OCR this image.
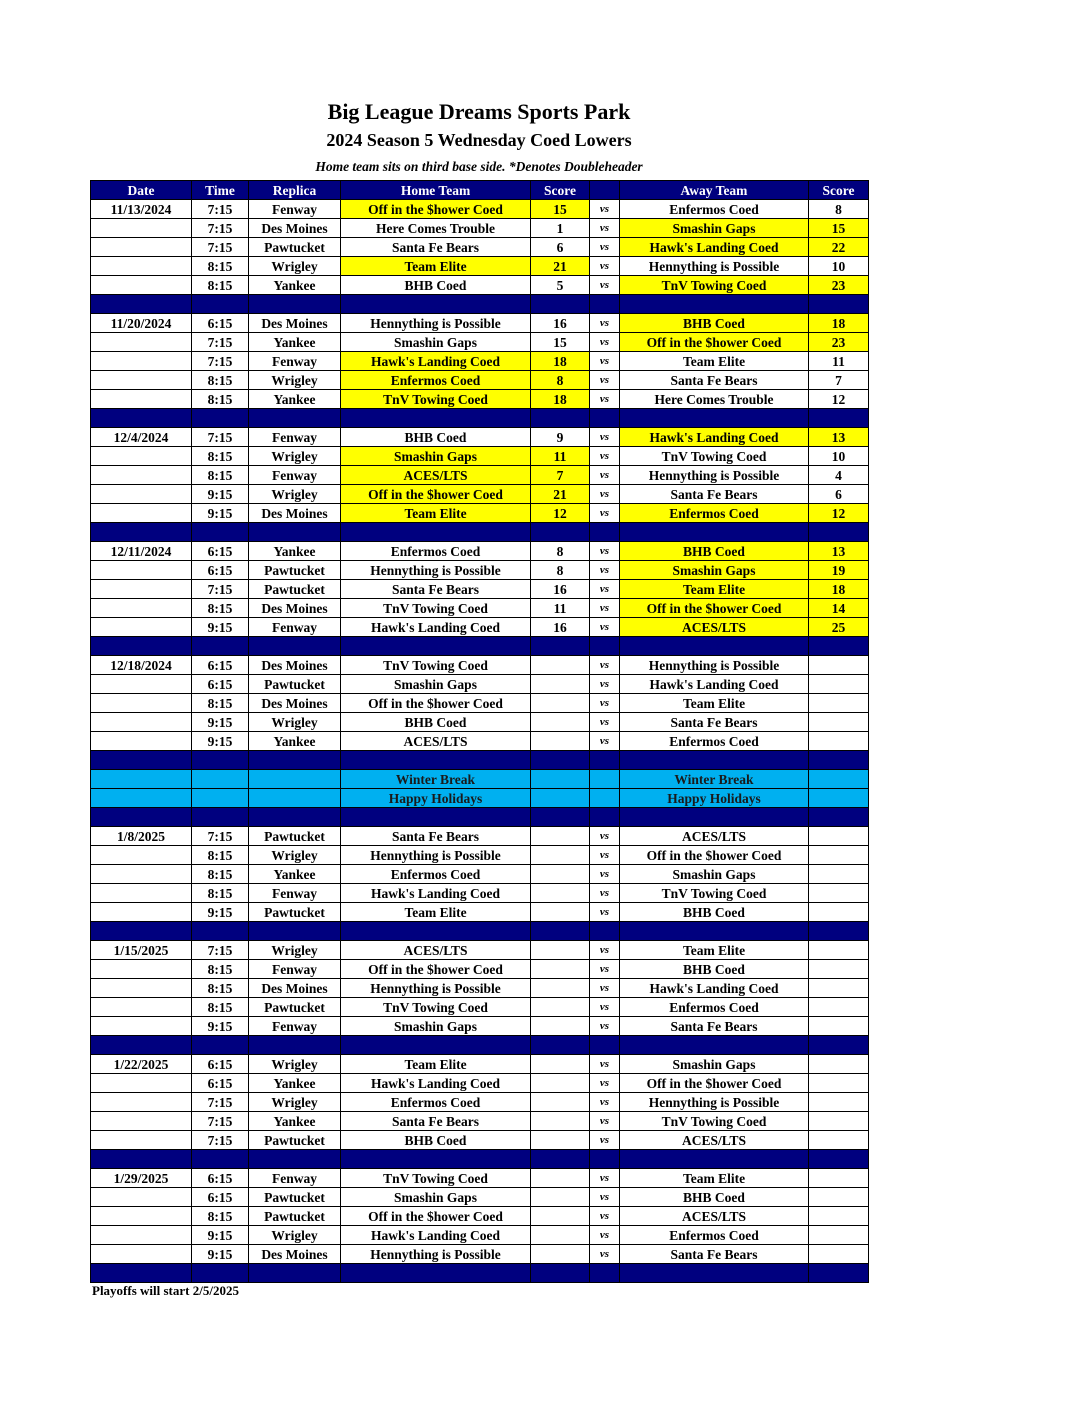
Big League Dreams Sports Park
2024 Season 5 Wednesday Coed Lowers
Home team sits on third base side. *Denotes Doubleheader
Date	Time	Replica	Home Team	Score		Away Team	Score
11/13/2024	7:15	Fenway	Off in the $hower Coed	15	vs	Enfermos Coed	8
	7:15	Des Moines	Here Comes Trouble	1	vs	Smashin Gaps	15
	7:15	Pawtucket	Santa Fe Bears	6	vs	Hawk's Landing Coed	22
	8:15	Wrigley	Team Elite	21	vs	Hennything is Possible	10
	8:15	Yankee	BHB Coed	5	vs	TnV Towing Coed	23

11/20/2024	6:15	Des Moines	Hennything is Possible	16	vs	BHB Coed	18
	7:15	Yankee	Smashin Gaps	15	vs	Off in the $hower Coed	23
	7:15	Fenway	Hawk's Landing Coed	18	vs	Team Elite	11
	8:15	Wrigley	Enfermos Coed	8	vs	Santa Fe Bears	7
	8:15	Yankee	TnV Towing Coed	18	vs	Here Comes Trouble	12

12/4/2024	7:15	Fenway	BHB Coed	9	vs	Hawk's Landing Coed	13
	8:15	Wrigley	Smashin Gaps	11	vs	TnV Towing Coed	10
	8:15	Fenway	ACES/LTS	7	vs	Hennything is Possible	4
	9:15	Wrigley	Off in the $hower Coed	21	vs	Santa Fe Bears	6
	9:15	Des Moines	Team Elite	12	vs	Enfermos Coed	12

12/11/2024	6:15	Yankee	Enfermos Coed	8	vs	BHB Coed	13
	6:15	Pawtucket	Hennything is Possible	8	vs	Smashin Gaps	19
	7:15	Pawtucket	Santa Fe Bears	16	vs	Team Elite	18
	8:15	Des Moines	TnV Towing Coed	11	vs	Off in the $hower Coed	14
	9:15	Fenway	Hawk's Landing Coed	16	vs	ACES/LTS	25

12/18/2024	6:15	Des Moines	TnV Towing Coed		vs	Hennything is Possible	
	6:15	Pawtucket	Smashin Gaps		vs	Hawk's Landing Coed	
	8:15	Des Moines	Off in the $hower Coed		vs	Team Elite	
	9:15	Wrigley	BHB Coed		vs	Santa Fe Bears	
	9:15	Yankee	ACES/LTS		vs	Enfermos Coed	

			Winter Break			Winter Break	
			Happy Holidays			Happy Holidays	

1/8/2025	7:15	Pawtucket	Santa Fe Bears		vs	ACES/LTS	
	8:15	Wrigley	Hennything is Possible		vs	Off in the $hower Coed	
	8:15	Yankee	Enfermos Coed		vs	Smashin Gaps	
	8:15	Fenway	Hawk's Landing Coed		vs	TnV Towing Coed	
	9:15	Pawtucket	Team Elite		vs	BHB Coed	

1/15/2025	7:15	Wrigley	ACES/LTS		vs	Team Elite	
	8:15	Fenway	Off in the $hower Coed		vs	BHB Coed	
	8:15	Des Moines	Hennything is Possible		vs	Hawk's Landing Coed	
	8:15	Pawtucket	TnV Towing Coed		vs	Enfermos Coed	
	9:15	Fenway	Smashin Gaps		vs	Santa Fe Bears	

1/22/2025	6:15	Wrigley	Team Elite		vs	Smashin Gaps	
	6:15	Yankee	Hawk's Landing Coed		vs	Off in the $hower Coed	
	7:15	Wrigley	Enfermos Coed		vs	Hennything is Possible	
	7:15	Yankee	Santa Fe Bears		vs	TnV Towing Coed	
	7:15	Pawtucket	BHB Coed		vs	ACES/LTS	

1/29/2025	6:15	Fenway	TnV Towing Coed		vs	Team Elite	
	6:15	Pawtucket	Smashin Gaps		vs	BHB Coed	
	8:15	Pawtucket	Off in the $hower Coed		vs	ACES/LTS	
	9:15	Wrigley	Hawk's Landing Coed		vs	Enfermos Coed	
	9:15	Des Moines	Hennything is Possible		vs	Santa Fe Bears	

Playoffs will start 2/5/2025
